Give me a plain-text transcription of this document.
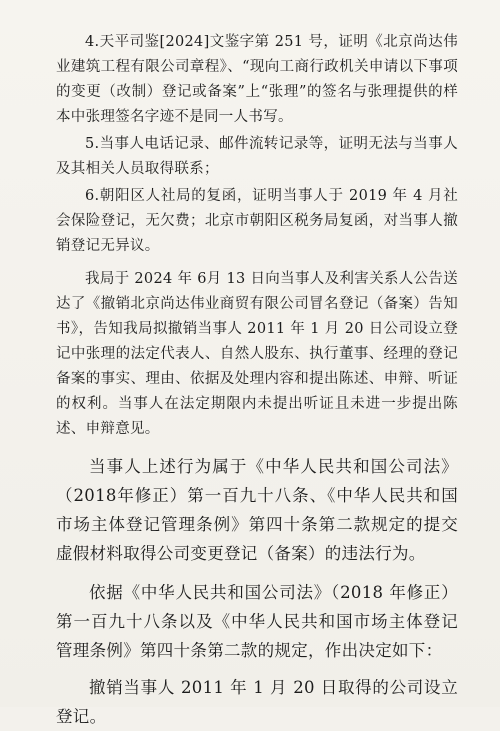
4.天平司鉴[2024]文鉴字第 251 号，证明《北京尚达伟业建筑工程有限公司章程》、“现向工商行政机关申请以下事项的变更（改制）登记或备案”上“张理”的签名与张理提供的样本中张理签名字迹不是同一人书写。

5.当事人电话记录、邮件流转记录等，证明无法与当事人及其相关人员取得联系；

6.朝阳区人社局的复函，证明当事人于 2019 年 4 月社会保险登记，无欠费；北京市朝阳区税务局复函，对当事人撤销登记无异议。

我局于 2024 年 6月 13 日向当事人及利害关系人公告送达了《撤销北京尚达伟业商贸有限公司冒名登记（备案）告知书》，告知我局拟撤销当事人 2011 年 1 月 20 日公司设立登记中张理的法定代表人、自然人股东、执行董事、经理的登记备案的事实、理由、依据及处理内容和提出陈述、申辩、听证的权利。当事人在法定期限内未提出听证且未进一步提出陈述、申辩意见。

当事人上述行为属于《中华人民共和国公司法》（2018年修正）第一百九十八条、《中华人民共和国市场主体登记管理条例》第四十条第二款规定的提交虚假材料取得公司变更登记（备案）的违法行为。

依据《中华人民共和国公司法》（2018 年修正）第一百九十八条以及《中华人民共和国市场主体登记管理条例》第四十条第二款的规定，作出决定如下：

撤销当事人 2011 年 1 月 20 日取得的公司设立登记。
